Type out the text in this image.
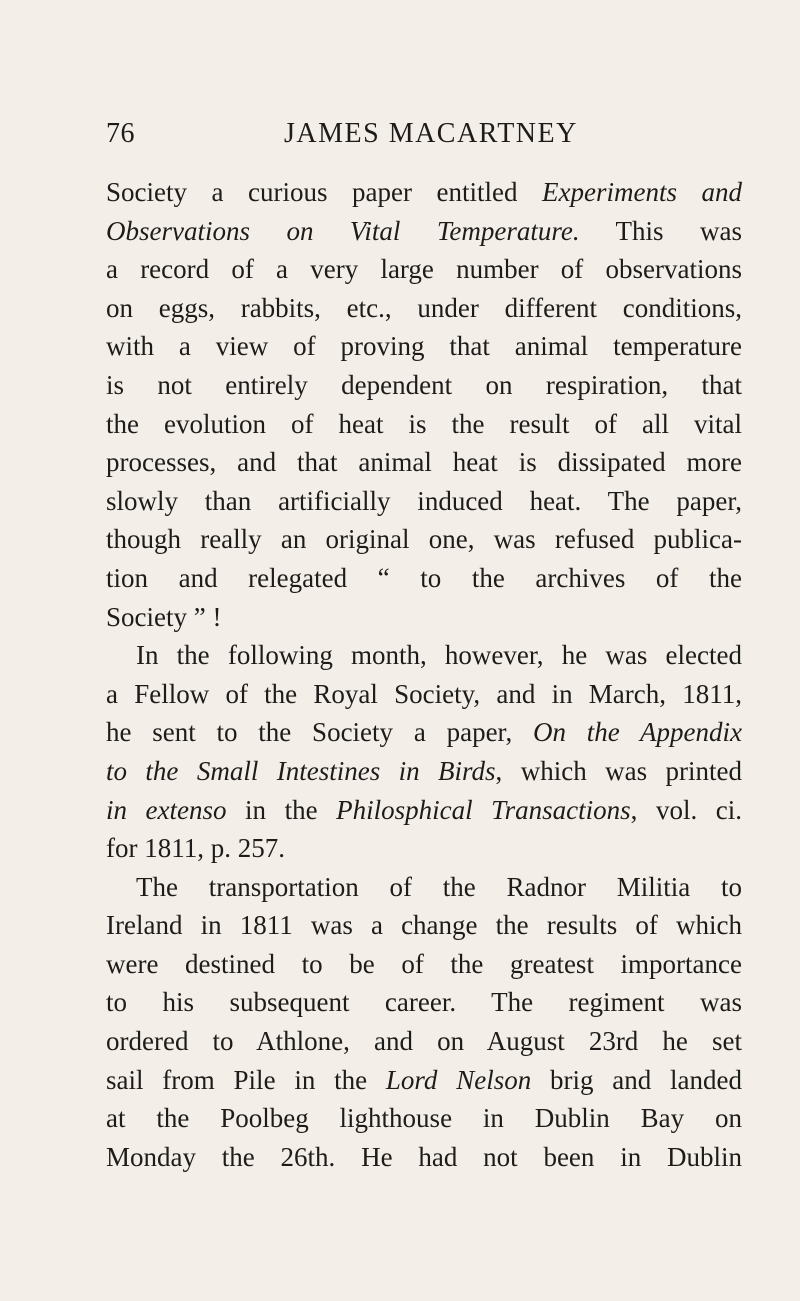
76	JAMES MACARTNEY
Society a curious paper entitled Experiments and
Observations on Vital Temperature. This was
a record of a very large number of observations
on eggs, rabbits, etc., under different conditions,
with a view of proving that animal temperature
is not entirely dependent on respiration, that
the evolution of heat is the result of all vital
processes, and that animal heat is dissipated more
slowly than artificially induced heat. The paper,
though really an original one, was refused publica-
tion and relegated “ to the archives of the
Society ” !
In the following month, however, he was elected
a Fellow of the Royal Society, and in March, 1811,
he sent to the Society a paper, On the Appendix
to the Small Intestines in Birds, which was printed
in extenso in the Philosphical Transactions, vol. ci.
for 1811, p. 257.
The transportation of the Radnor Militia to
Ireland in 1811 was a change the results of which
were destined to be of the greatest importance
to his subsequent career. The regiment was
ordered to Athlone, and on August 23rd he set
sail from Pile in the Lord Nelson brig and landed
at the Poolbeg lighthouse in Dublin Bay on
Monday the 26th. He had not been in Dublin
